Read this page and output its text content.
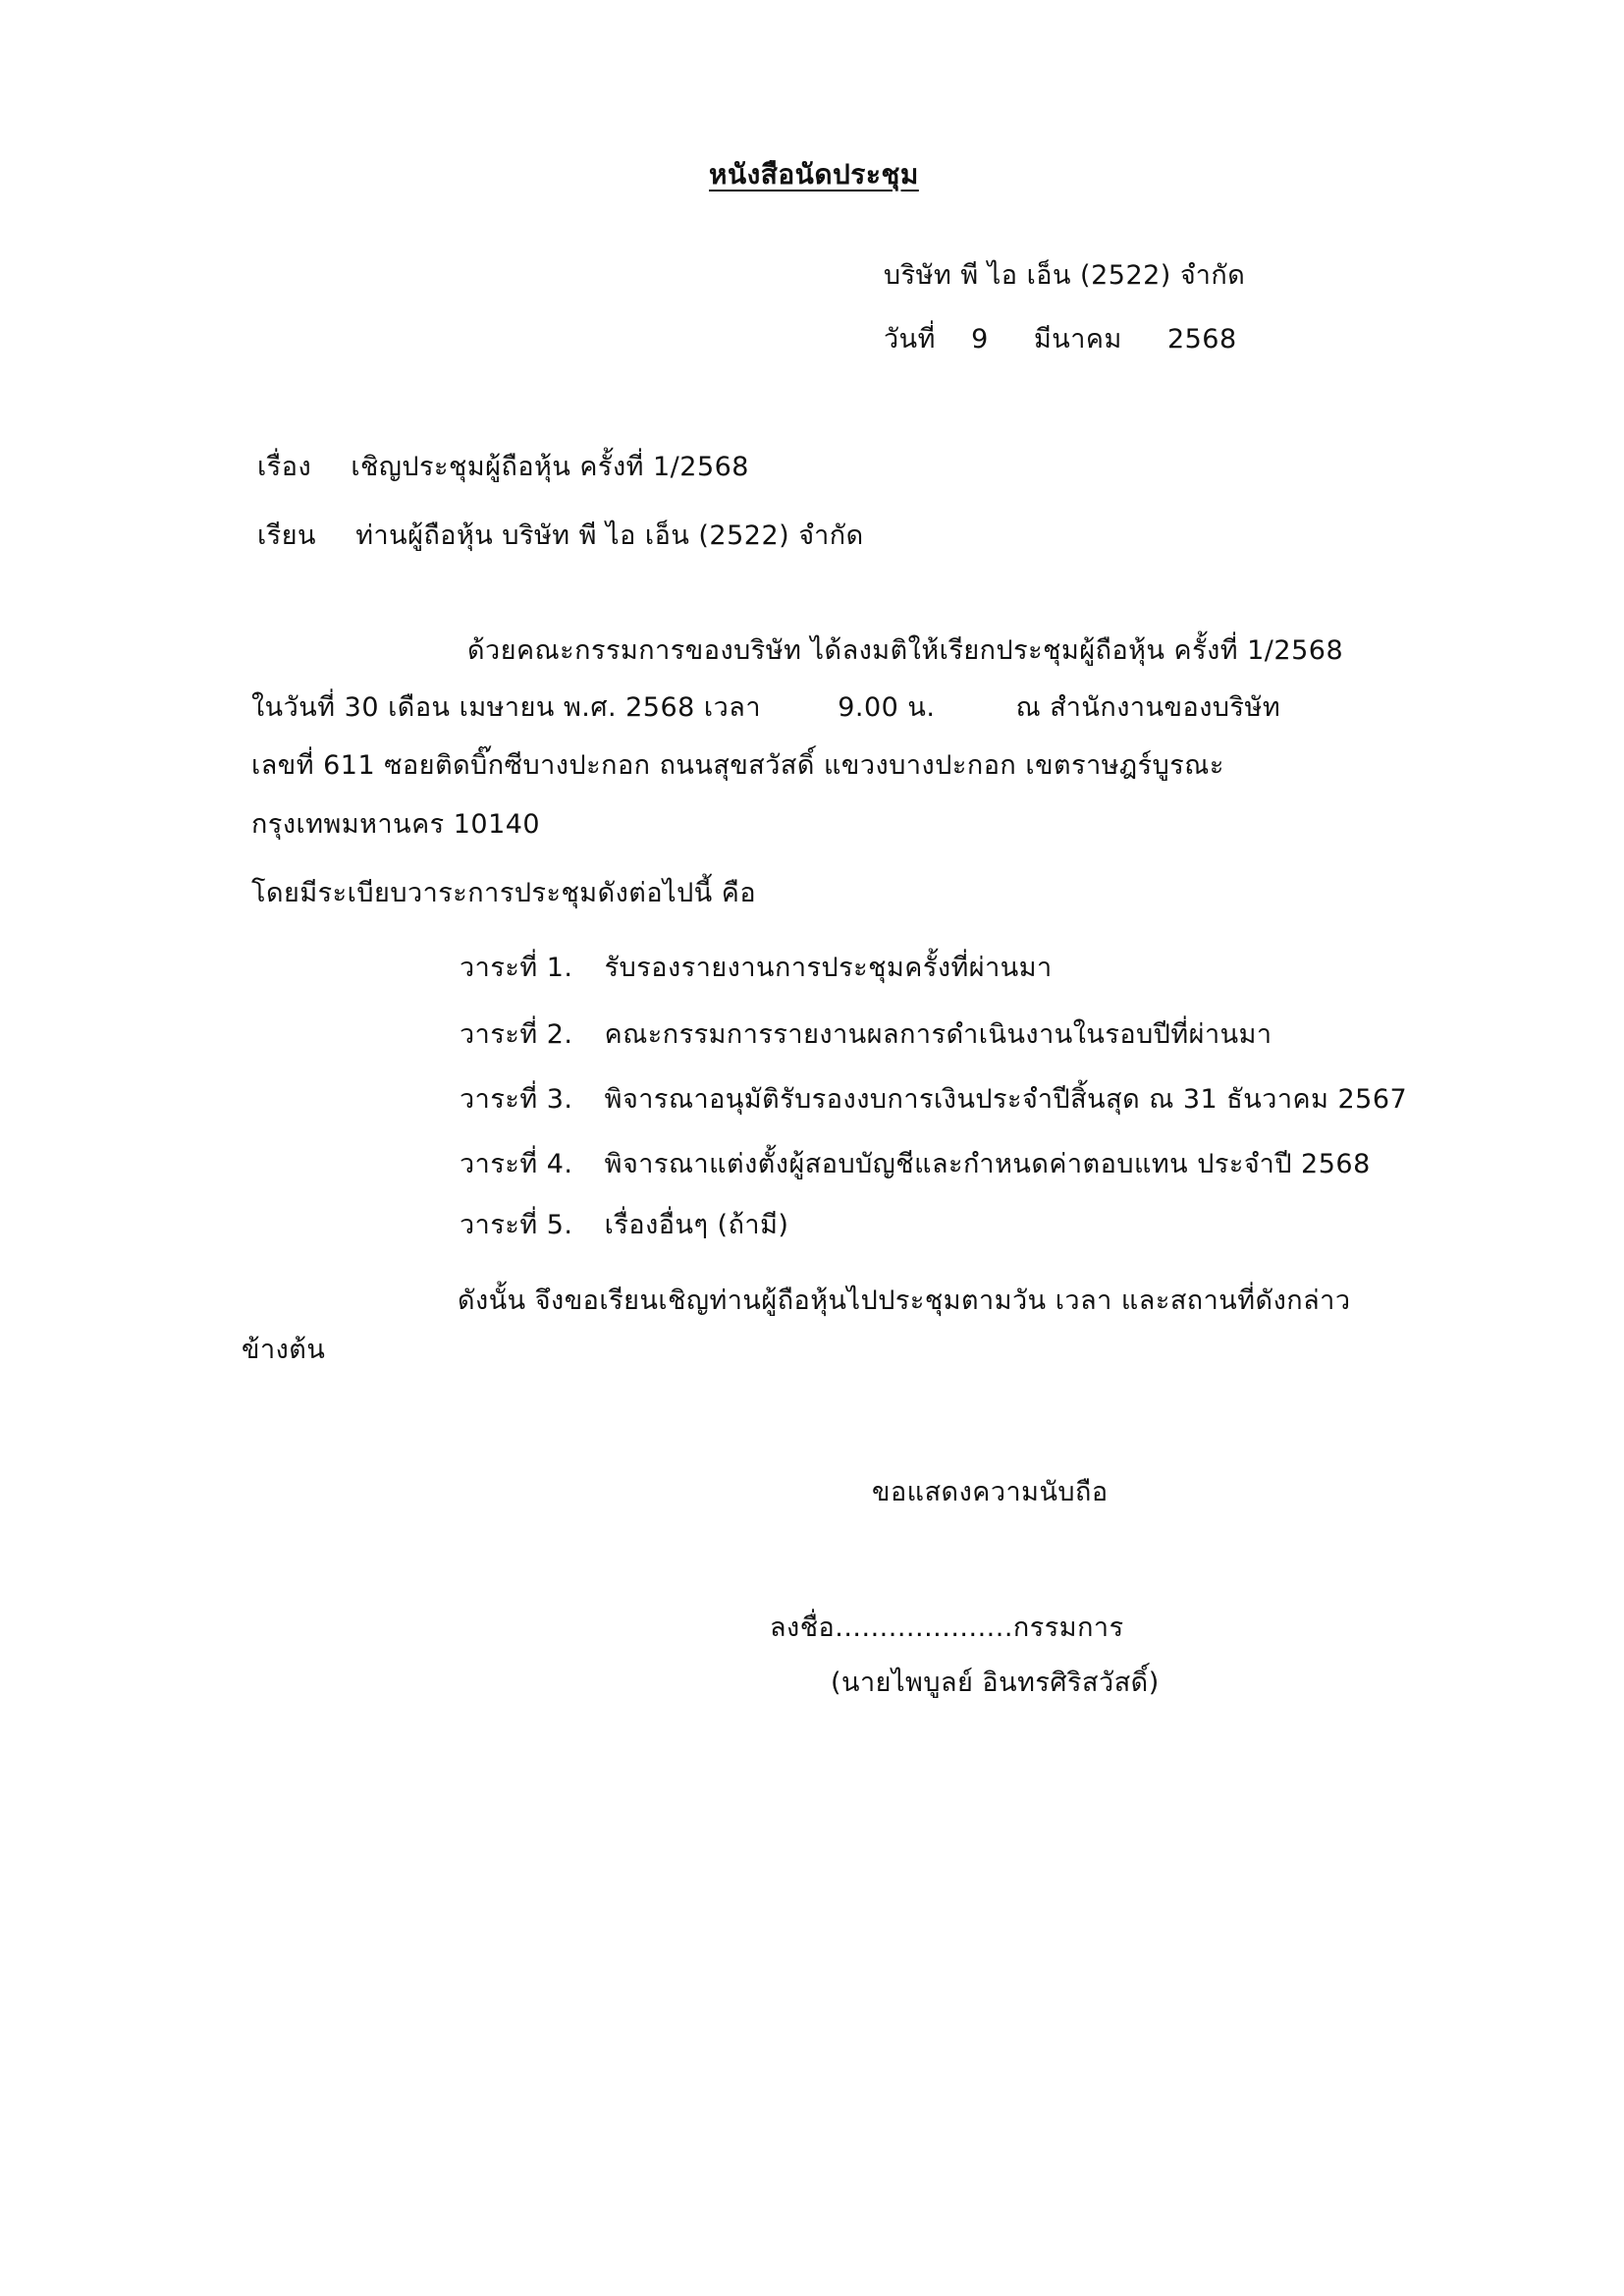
หนังสือนัดประชุม
บริษัท พี ไอ เอ็น (2522) จำกัด
วันที่ 9 มีนาคม 2568
เรื่อง เชิญประชุมผู้ถือหุ้น ครั้งที่ 1/2568
เรียน ท่านผู้ถือหุ้น บริษัท พี ไอ เอ็น (2522) จำกัด
ด้วยคณะกรรมการของบริษัท ได้ลงมติให้เรียกประชุมผู้ถือหุ้น ครั้งที่ 1/2568
ในวันที่ 30 เดือน เมษายน พ.ศ. 2568 เวลา	9.00 น.	ณ สำนักงานของบริษัท
เลขที่ 611 ซอยติดบิ๊กซีบางปะกอก ถนนสุขสวัสดิ์ แขวงบางปะกอก เขตราษฎร์บูรณะ
กรุงเทพมหานคร 10140
โดยมีระเบียบวาระการประชุมดังต่อไปนี้ คือ
วาระที่ 1. รับรองรายงานการประชุมครั้งที่ผ่านมา
วาระที่ 2. คณะกรรมการรายงานผลการดำเนินงานในรอบปีที่ผ่านมา
วาระที่ 3. พิจารณาอนุมัติรับรองงบการเงินประจำปีสิ้นสุด ณ 31 ธันวาคม 2567
วาระที่ 4. พิจารณาแต่งตั้งผู้สอบบัญชีและกำหนดค่าตอบแทน ประจำปี 2568
วาระที่ 5. เรื่องอื่นๆ (ถ้ามี)
ดังนั้น จึงขอเรียนเชิญท่านผู้ถือหุ้นไปประชุมตามวัน เวลา และสถานที่ดังกล่าว
ข้างต้น
ขอแสดงความนับถือ
ลงชื่อ....................กรรมการ
(นายไพบูลย์ อินทรศิริสวัสดิ์)
